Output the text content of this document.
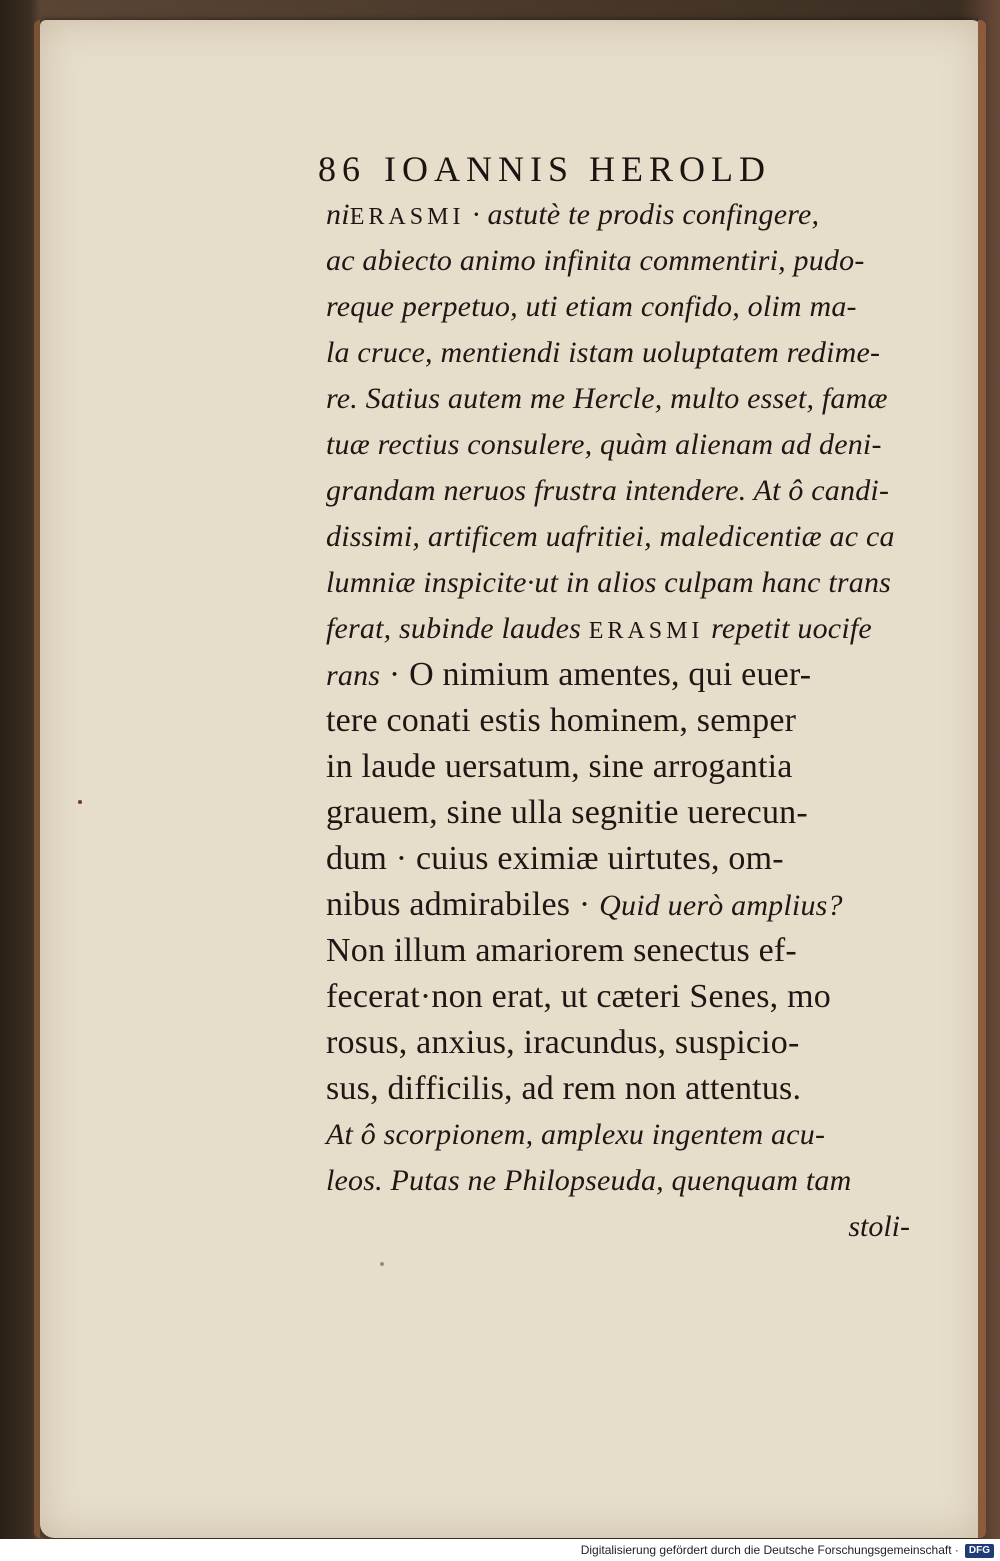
86 IOANNIS HEROLD
niERASMI · astutè te prodis confingere,
ac abiecto animo infinita commentiri, pudo-
reque perpetuo, uti etiam confido, olim ma-
la cruce, mentiendi istam uoluptatem redime-
re. Satius autem me Hercle, multo esset, famæ
tuæ rectius consulere, quàm alienam ad deni-
grandam neruos frustra intendere. At ô candi-
dissimi, artificem uafritiei, maledicentiæ ac ca
lumniæ inspicite·ut in alios culpam hanc trans
ferat, subinde laudes ERASMI repetit uocife
rans · O nimium amentes, qui euer-
tere conati estis hominem, semper
in laude uersatum, sine arrogantia
grauem, sine ulla segnitie uerecun-
dum · cuius eximiæ uirtutes, om-
nibus admirabiles · Quid uerò amplius?
Non illum amariorem senectus ef-
fecerat·non erat, ut cæteri Senes, mo
rosus, anxius, iracundus, suspicio-
sus, difficilis, ad rem non attentus.
At ô scorpionem, amplexu ingentem acu-
leos. Putas ne Philopseuda, quenquam tam
stoli-
Digitalisierung gefördert durch die Deutsche Forschungsgemeinschaft · DFG
